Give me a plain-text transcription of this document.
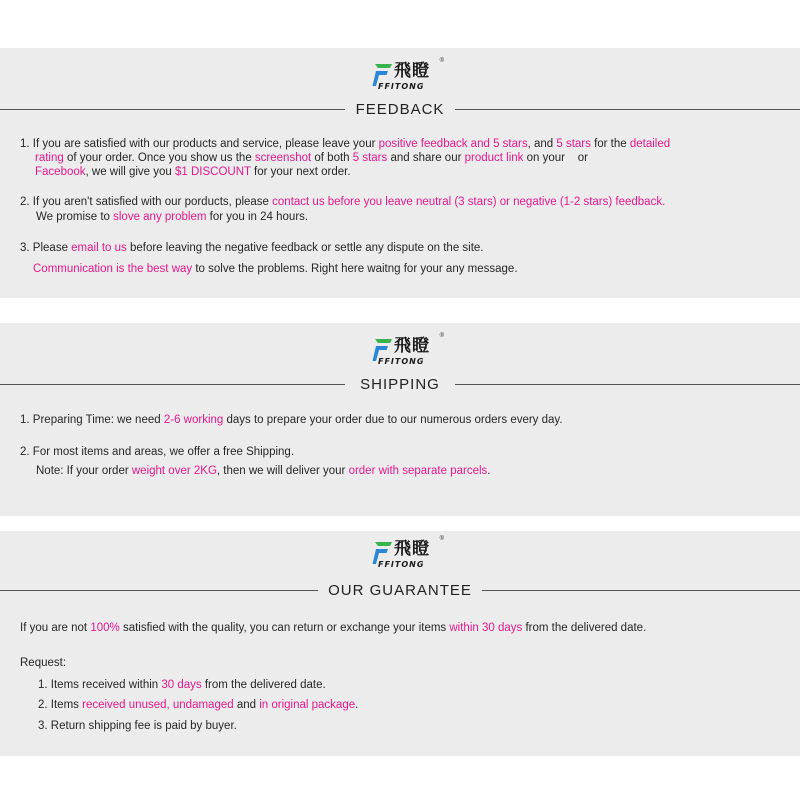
飛瞪
FFITONG
®
FEEDBACK
1. If you are satisfied with our products and service, please leave your positive feedback and 5 stars, and 5 stars for the detailed
rating of your order. Once you show us the screenshot of both 5 stars and share our product link on your    or
Facebook, we will give you $1 DISCOUNT for your next order.
2. If you aren't satisfied with our porducts, please contact us before you leave neutral (3 stars) or negative (1-2 stars) feedback.
We promise to slove any problem for you in 24 hours.
3. Please email to us before leaving the negative feedback or settle any dispute on the site.
Communication is the best way to solve the problems. Right here waitng for your any message.
飛瞪
FFITONG
®
SHIPPING
1. Preparing Time: we need 2-6 working days to prepare your order due to our numerous orders every day.
2. For most items and areas, we offer a free Shipping.
Note: If your order weight over 2KG, then we will deliver your order with separate parcels.
飛瞪
FFITONG
®
OUR GUARANTEE
If you are not 100% satisfied with the quality, you can return or exchange your items within 30 days from the delivered date.
Request:
1. Items received within 30 days from the delivered date.
2. Items received unused, undamaged and in original package.
3. Return shipping fee is paid by buyer.
